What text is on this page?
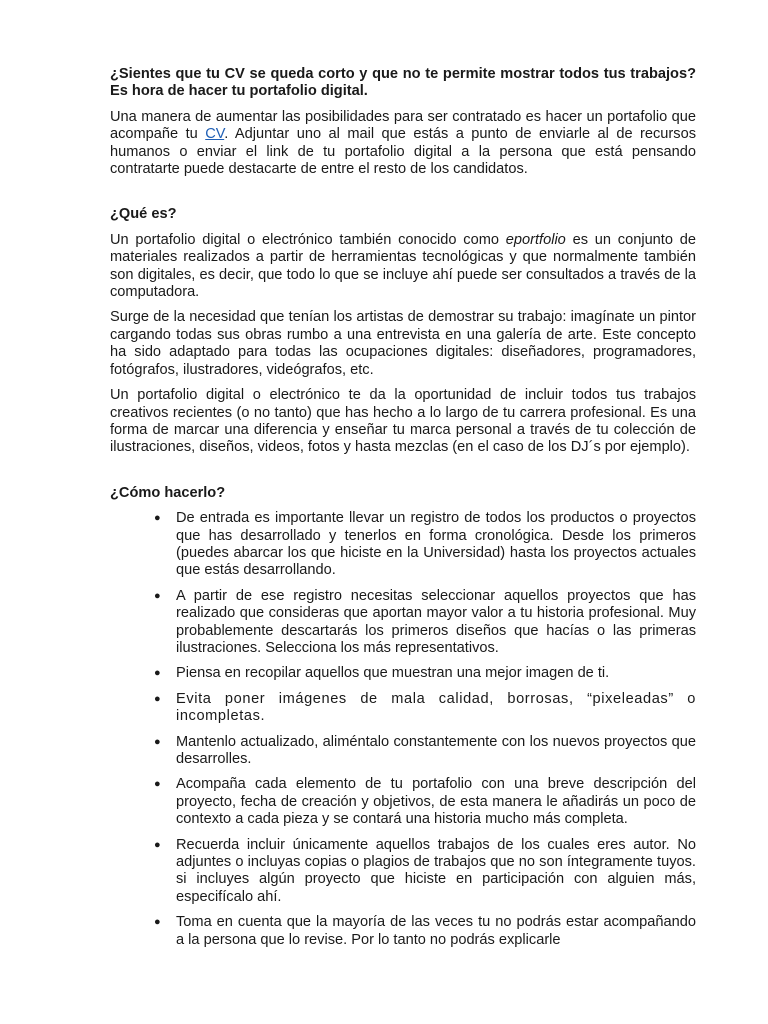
¿Sientes que tu CV se queda corto y que no te permite mostrar todos tus trabajos? Es hora de hacer tu portafolio digital.

Una manera de aumentar las posibilidades para ser contratado es hacer un portafolio que acompañe tu CV. Adjuntar uno al mail que estás a punto de enviarle al de recursos humanos o enviar el link de tu portafolio digital a la persona que está pensando contratarte puede destacarte de entre el resto de los candidatos.

¿Qué es?

Un portafolio digital o electrónico también conocido como eportfolio es un conjunto de materiales realizados a partir de herramientas tecnológicas y que normalmente también son digitales, es decir, que todo lo que se incluye ahí puede ser consultados a través de la computadora.

Surge de la necesidad que tenían los artistas de demostrar su trabajo: imagínate un pintor cargando todas sus obras rumbo a una entrevista en una galería de arte. Este concepto ha sido adaptado para todas las ocupaciones digitales: diseñadores, programadores, fotógrafos, ilustradores, videógrafos, etc.

Un portafolio digital o electrónico te da la oportunidad de incluir todos tus trabajos creativos recientes (o no tanto) que has hecho a lo largo de tu carrera profesional. Es una forma de marcar una diferencia y enseñar tu marca personal a través de tu colección de ilustraciones, diseños, videos, fotos y hasta mezclas (en el caso de los DJ´s por ejemplo).

¿Cómo hacerlo?

● De entrada es importante llevar un registro de todos los productos o proyectos que has desarrollado y tenerlos en forma cronológica. Desde los primeros (puedes abarcar los que hiciste en la Universidad) hasta los proyectos actuales que estás desarrollando.
● A partir de ese registro necesitas seleccionar aquellos proyectos que has realizado que consideras que aportan mayor valor a tu historia profesional. Muy probablemente descartarás los primeros diseños que hacías o las primeras ilustraciones. Selecciona los más representativos.
● Piensa en recopilar aquellos que muestran una mejor imagen de ti.
● Evita poner imágenes de mala calidad, borrosas, “pixeleadas” o incompletas.
● Mantenlo actualizado, aliméntalo constantemente con los nuevos proyectos que desarrolles.
● Acompaña cada elemento de tu portafolio con una breve descripción del proyecto, fecha de creación y objetivos, de esta manera le añadirás un poco de contexto a cada pieza y se contará una historia mucho más completa.
● Recuerda incluir únicamente aquellos trabajos de los cuales eres autor. No adjuntes o incluyas copias o plagios de trabajos que no son íntegramente tuyos. si incluyes algún proyecto que hiciste en participación con alguien más, especifícalo ahí.
● Toma en cuenta que la mayoría de las veces tu no podrás estar acompañando a la persona que lo revise. Por lo tanto no podrás explicarle
